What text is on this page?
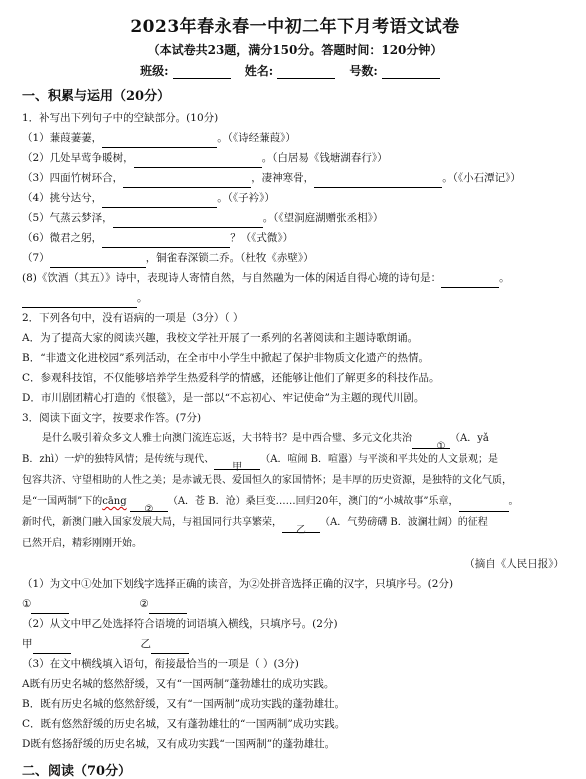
2023年春永春一中初二年下月考语文试卷
（本试卷共23题，满分150分。答题时间：120分钟）
班级:	姓名:	号数:
一、积累与运用（20分）
1．补写出下列句子中的空缺部分。(10分)
（1）蒹葭萋萋，	。（《诗经蒹葭》）
（2）几处早莺争暖树，	。（白居易《钱塘湖春行》）
（3）四面竹树环合，	，凄神寒骨，	。（《小石潭记》）
（4）挑兮达兮，	。（《子衿》）
（5）气蒸云梦泽，	。（《望洞庭湖赠张丞相》）
（6）微君之躬，	？（《式微》）
（7）	，铜雀春深锁二乔。（杜牧《赤壁》）
(8)《饮酒（其五）》诗中，表现诗人寄情自然，与自然融为一体的闲适自得心境的诗句是：	。
。
2．下列各句中，没有语病的一项是（3分）（ ）
A．为了提高大家的阅读兴趣，我校文学社开展了一系列的名著阅读和主题诗歌朗诵。
B．“非遗文化进校园”系列活动，在全市中小学生中掀起了保护非物质文化遗产的热情。
C．参观科技馆，不仅能够培养学生热爱科学的情感，还能够让他们了解更多的科技作品。
D．市川剧团精心打造的《恨毯》，是一部以“不忘初心、牢记使命”为主题的现代川剧。
3．阅读下面文字，按要求作答。(7分)
是什么吸引着众多文人雅士向澳门流连忘返，大书特书？是中西合璧、多元文化共治①（A．yǎ
B．zhì）一炉的独特风情；是传统与现代、甲（A．喧闹 B．喧嚣）与平淡和平共处的人文景观；是
包容共济、守望相助的人性之美；是赤诚无畏、爱国恒久的家国情怀；是丰厚的历史资源，是独特的文化气质，
是“一国两制”下的cāng ②（A．苍 B．沧）桑巨变……回归20年，澳门的“小城故事”乐章，	。
新时代，新澳门融入国家发展大局，与祖国同行共享繁荣，乙（A．气势磅礴 B．波澜壮阔）的征程
已然开启，精彩刚刚开始。
（摘自《人民日报》）
（1）为文中①处加下划线字选择正确的读音，为②处拼音选择正确的汉字，只填序号。(2分)
①	②
（2）从文中甲乙处选择符合语境的词语填入横线，只填序号。(2分)
甲	乙
（3）在文中横线填入语句，衔接最恰当的一项是（ ）(3分)
A既有历史名城的悠然舒缓，又有“一国两制”蓬勃雄壮的成功实践。
B．既有历史名城的悠然舒缓，又有“一国两制”成功实践的蓬勃雄壮。
C．既有悠然舒缓的历史名城，又有蓬勃雄壮的“一国两制”成功实践。
D既有悠扬舒缓的历史名城，又有成功实践“一国两制”的蓬勃雄壮。
二、阅读（70分）
